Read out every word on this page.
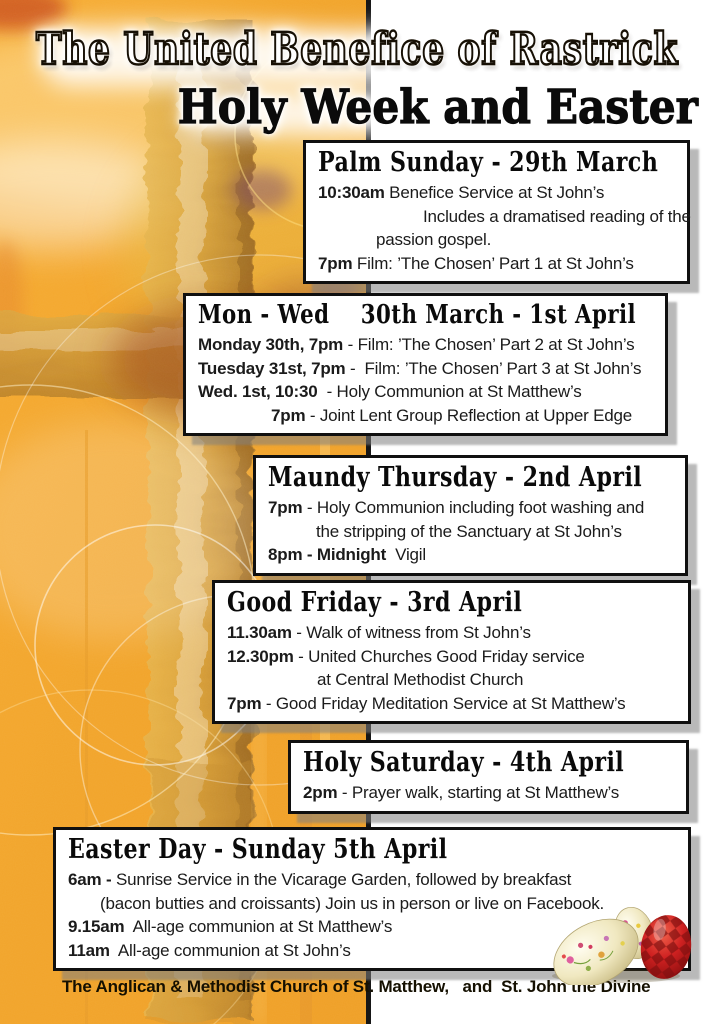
The United Benefice of Rastrick
Holy Week and Easter
Palm Sunday - 29th March
10:30am Benefice Service at St John’s
Includes a dramatised reading of the
passion gospel.
7pm Film: ’The Chosen’ Part 1 at St John’s
Mon - Wed    30th March - 1st April
Monday 30th, 7pm - Film: ’The Chosen’ Part 2 at St John’s
Tuesday 31st, 7pm -  Film: ’The Chosen’ Part 3 at St John’s
Wed. 1st, 10:30  - Holy Communion at St Matthew’s
7pm - Joint Lent Group Reflection at Upper Edge
Maundy Thursday - 2nd April
7pm - Holy Communion including foot washing and
the stripping of the Sanctuary at St John’s
8pm - Midnight  Vigil
Good Friday - 3rd April
11.30am - Walk of witness from St John’s
12.30pm - United Churches Good Friday service
at Central Methodist Church
7pm - Good Friday Meditation Service at St Matthew’s
Holy Saturday - 4th April
2pm - Prayer walk, starting at St Matthew’s
Easter Day - Sunday 5th April
6am - Sunrise Service in the Vicarage Garden, followed by breakfast
(bacon butties and croissants) Join us in person or live on Facebook.
9.15am  All-age communion at St Matthew’s
11am  All-age communion at St John’s
The Anglican & Methodist Church of St. Matthew,   and  St. John the Divine
